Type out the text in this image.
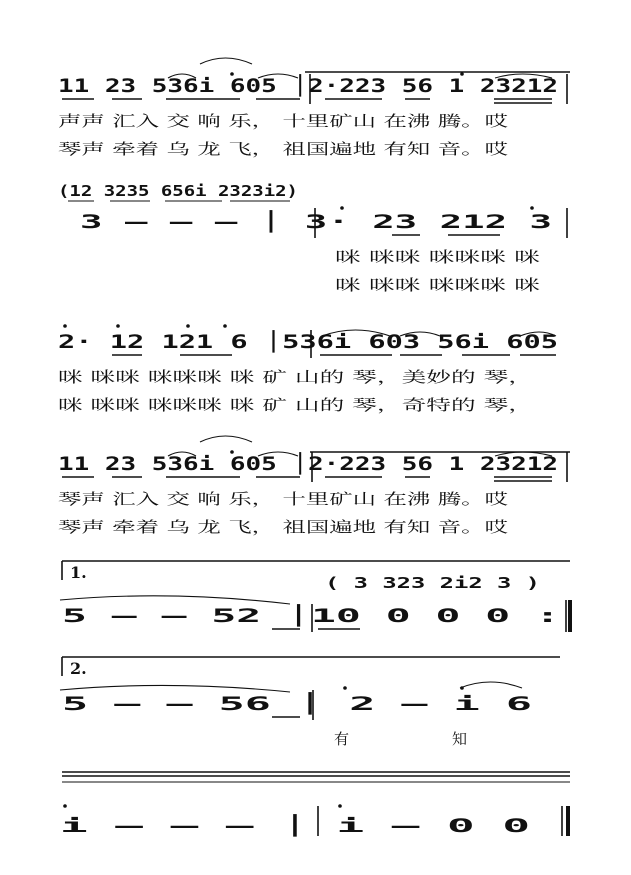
11 23 536i 605 │2·223 56 1 23212
声声 汇入 交 响 乐， 十里矿山 在沸 腾。哎
琴声 牵着 乌 龙 飞， 祖国遍地 有知 音。哎
(12 3235 656i 2323i2)
3 — — — │ 3· 23 212 3
咪 咪咪 咪咪咪 咪
咪 咪咪 咪咪咪 咪
2· 12 121 6 │536i 603 56i 605
咪 咪咪 咪咪咪 咪 矿 山的 琴，美妙的 琴，
咪 咪咪 咪咪咪 咪 矿 山的 琴，奇特的 琴，
11 23 536i 605 │2·223 56 1 23212
琴声 汇入 交 响 乐， 十里矿山 在沸 腾。哎
琴声 牵着 乌 龙 飞， 祖国遍地 有知 音。哎
1.
( 3 323 2i2 3 )
5 — — 52 │10 0 0 0 :
2.
5 — — 56 │ 2 — i 6
有	知
i — — — │ i — 0 0
